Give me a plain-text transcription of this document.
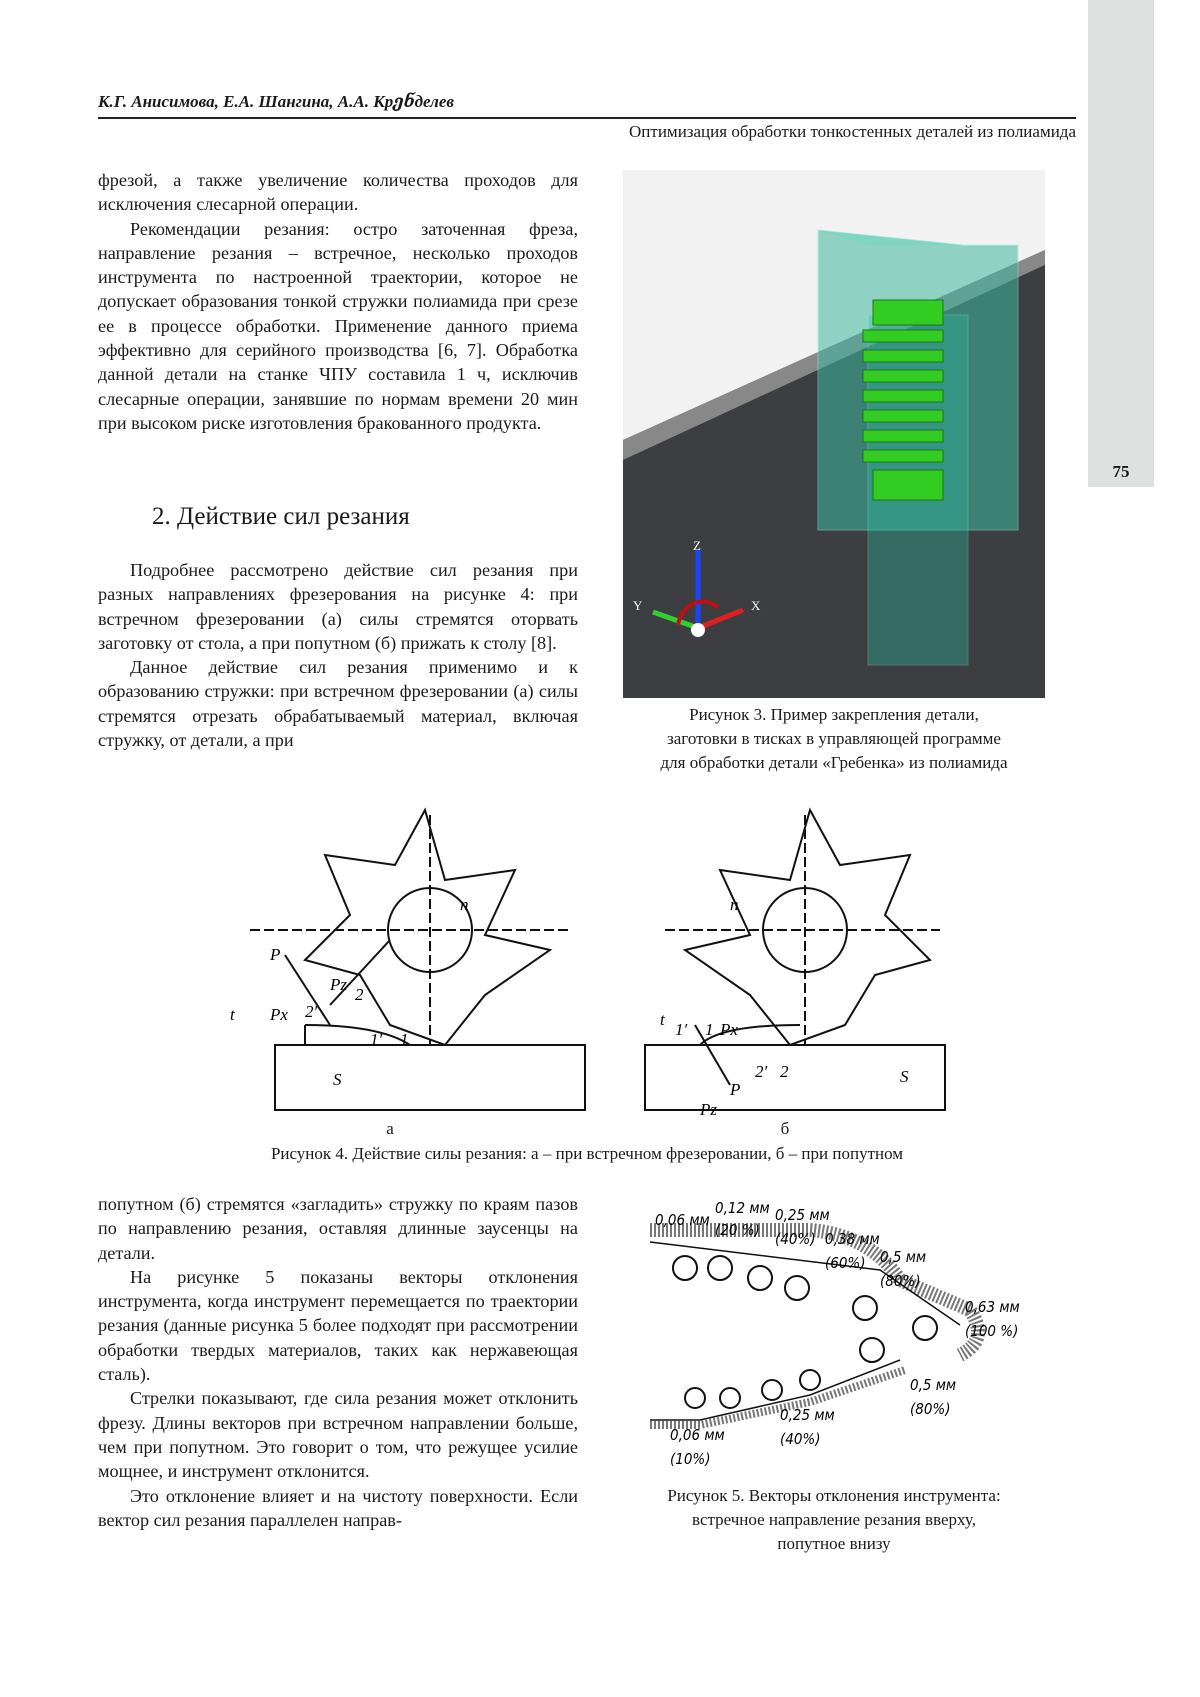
75
К.Г. Анисимова, Е.А. Шангина, А.А. Крენделев
Оптимизация обработки тонкостенных деталей из полиамида

фрезой, а также увеличение количества проходов для исключения слесарной операции.

Рекомендации резания: остро заточенная фреза, направление резания – встречное, несколько проходов инструмента по настроенной траектории, которое не допускает образования тонкой стружки полиамида при срезе ее в процессе обработки. Применение данного приема эффективно для серийного производства [6, 7]. Обработка данной детали на станке ЧПУ составила 1 ч, исключив слесарные операции, занявшие по нормам времени 20 мин при высоком риске изготовления бракованного продукта.

2. Действие сил резания

Подробнее рассмотрено действие сил резания при разных направлениях фрезерования на рисунке 4: при встречном фрезеровании (а) силы стремятся оторвать заготовку от стола, а при попутном (б) прижать к столу [8].

Данное действие сил резания применимо и к образованию стружки: при встречном фрезеровании (а) силы стремятся отрезать обрабатываемый материал, включая стружку, от детали, а при

Z
Y	X
Рисунок 3. Пример закрепления детали,
заготовки в тисках в управляющей программе
для обработки детали «Гребенка» из полиамида
P
Pz
Px 2′
2
1′ 1
S
n
t
1′ 1 Px
2′ 2
P
Pz
S
n
t
а	б
Рисунок 4. Действие силы резания: а – при встречном фрезеровании, б – при попутном

попутном (б) стремятся «загладить» стружку по краям пазов по направлению резания, оставляя длинные заусенцы на детали.

На рисунке 5 показаны векторы отклонения инструмента, когда инструмент перемещается по траектории резания (данные рисунка 5 более подходят при рассмотрении обработки твердых материалов, таких как нержавеющая сталь).

Стрелки показывают, где сила резания может отклонить фрезу. Длины векторов при встречном направлении больше, чем при попутном. Это говорит о том, что режущее усилие мощнее, и инструмент отклонится.

Это отклонение влияет и на чистоту поверхности. Если вектор сил резания параллелен направ-

0,06 мм
0,12 мм
(20 %)
0,25 мм
(40%) 0,38 мм
(60%) 0,5 мм
(80%)
0,63 мм
(100 %)
0,5 мм
(80%)
0,25 мм
(40%)
0,06 мм
(10%)
Рисунок 5. Векторы отклонения инструмента:
встречное направление резания вверху,
попутное внизу
